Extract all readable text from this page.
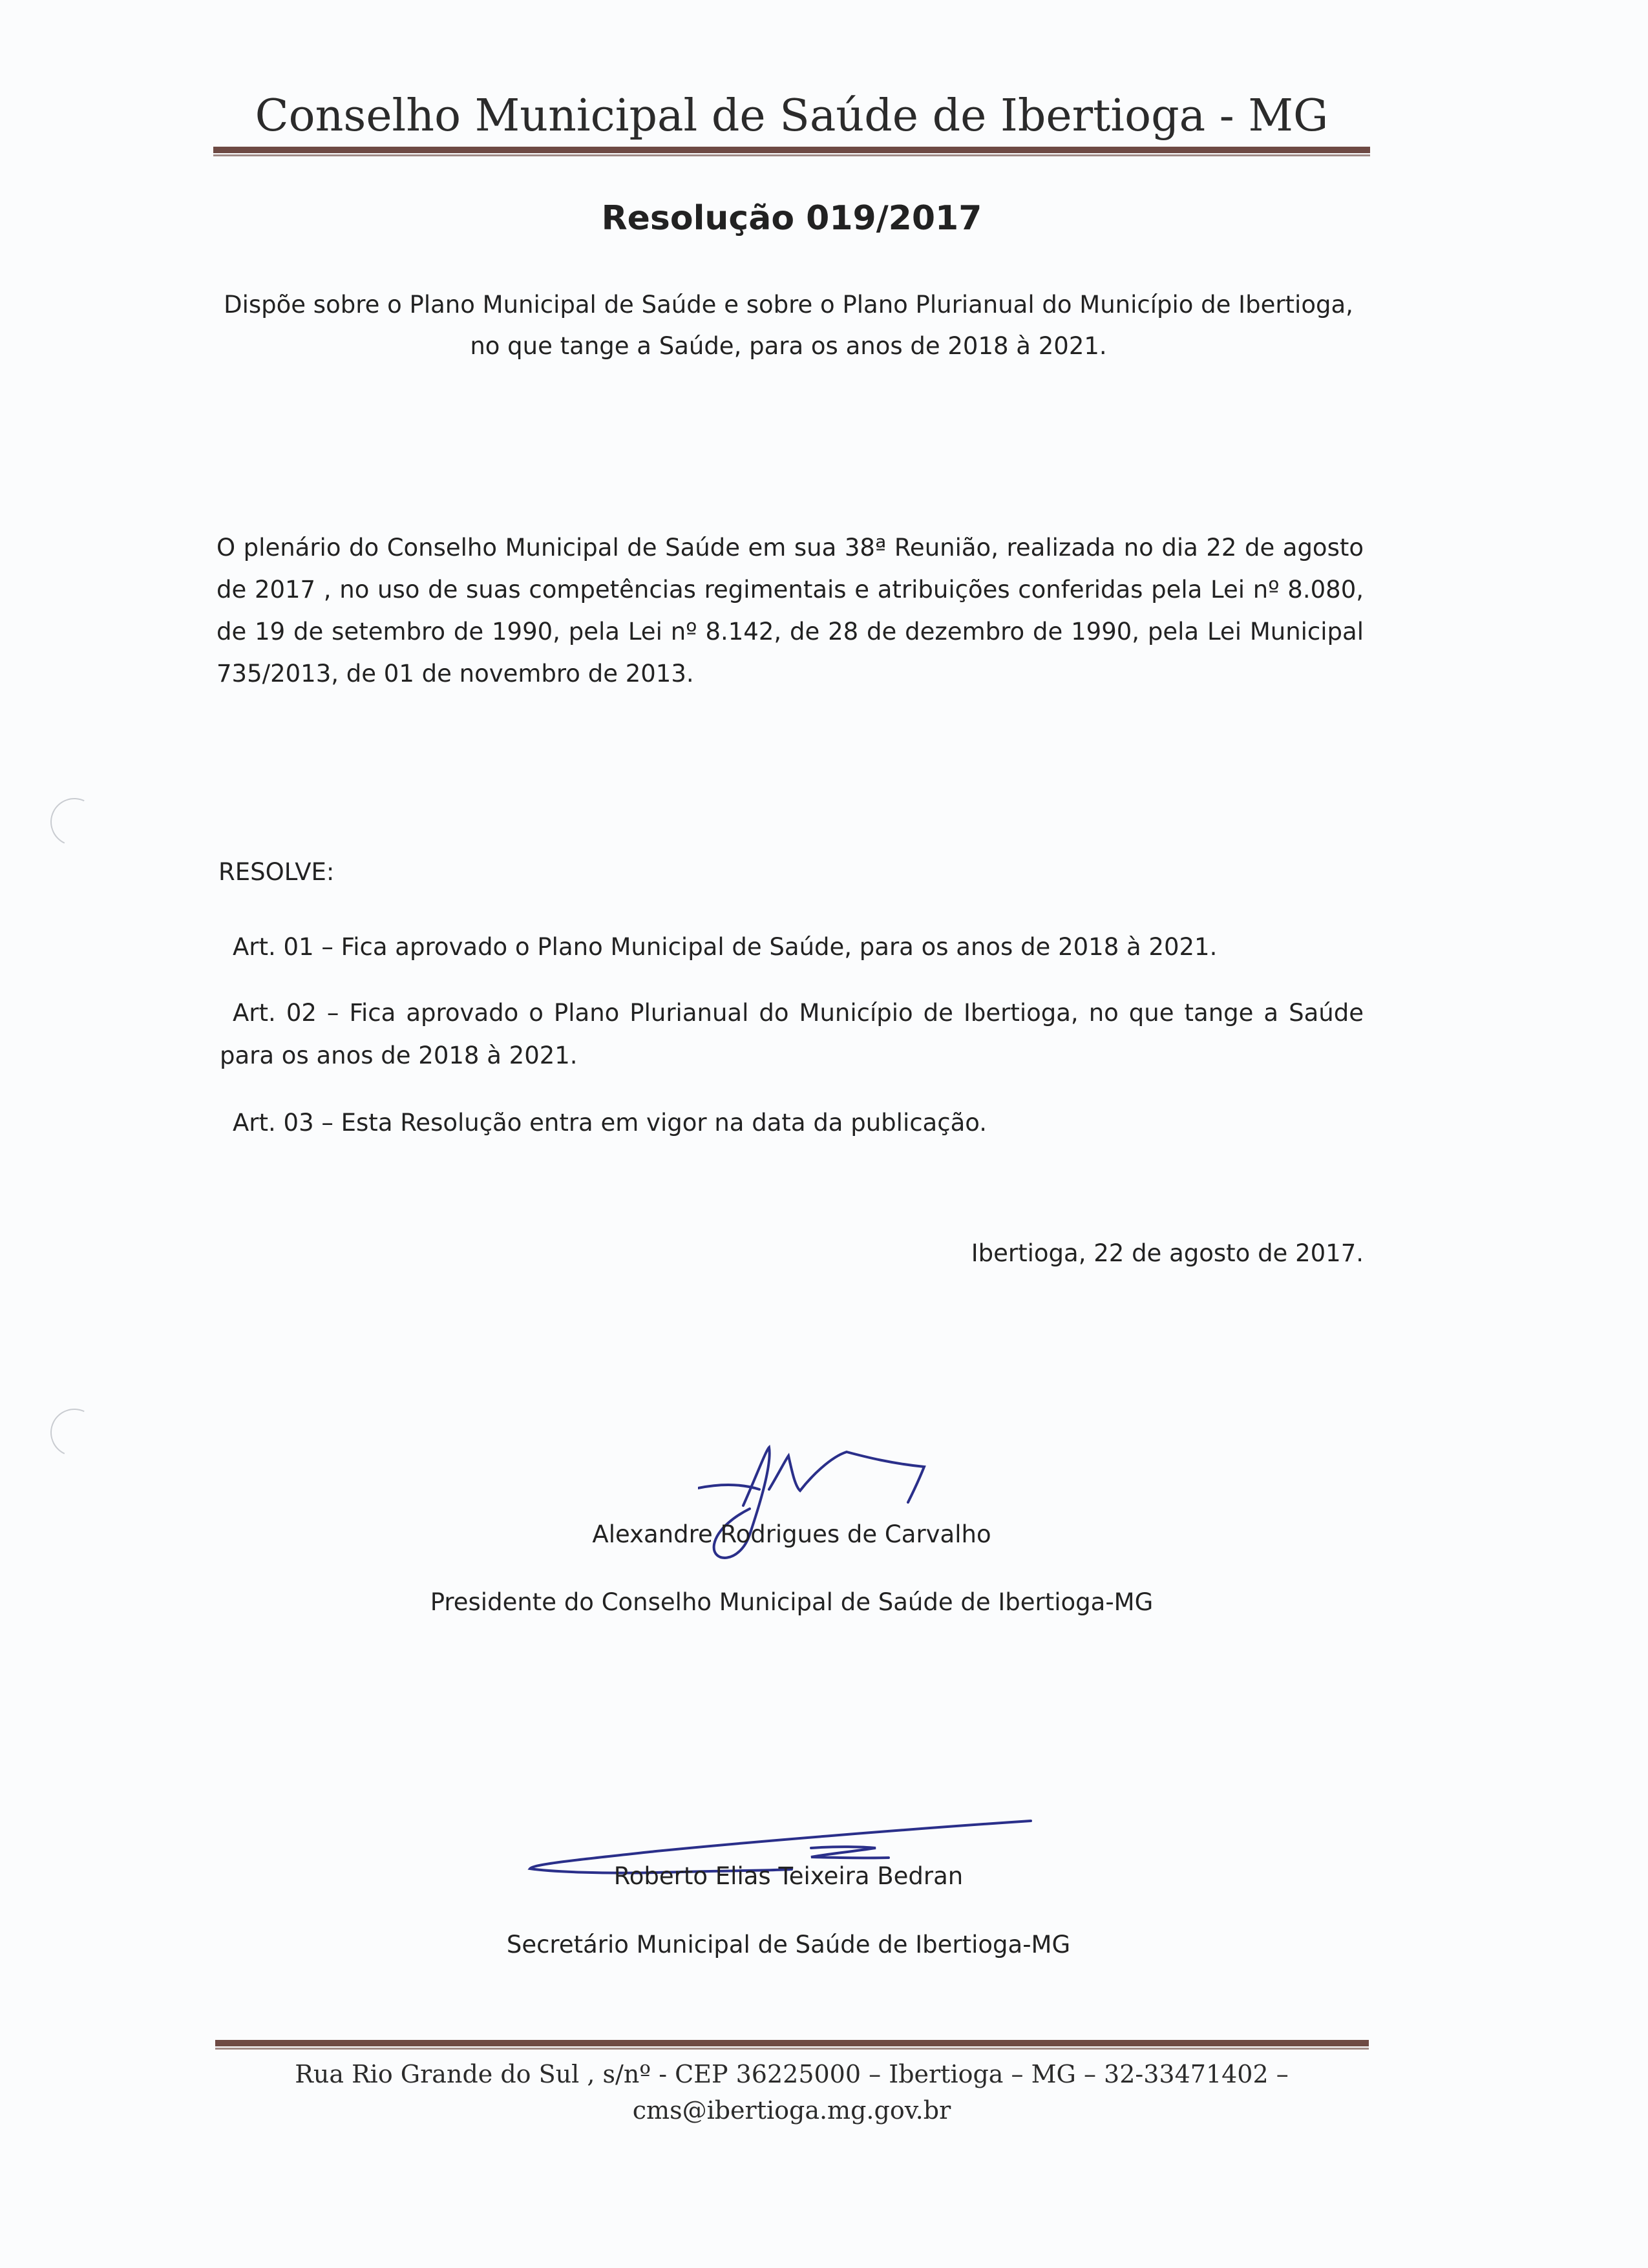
Conselho Municipal de Saúde de Ibertioga - MG
Resolução 019/2017
Dispõe sobre o Plano Municipal de Saúde e sobre o Plano Plurianual do Município de Ibertioga,
no que tange a Saúde, para os anos de 2018 à 2021.
O plenário do Conselho Municipal de Saúde em sua 38ª Reunião, realizada no dia 22 de agosto de 2017 , no uso de suas competências regimentais e atribuições conferidas pela Lei nº 8.080, de 19 de setembro de 1990, pela Lei nº 8.142, de 28 de dezembro de 1990, pela Lei Municipal 735/2013, de 01 de novembro de 2013.
RESOLVE:
Art. 01 – Fica aprovado o Plano Municipal de Saúde, para os anos de 2018 à 2021.
Art. 02 – Fica aprovado o Plano Plurianual do Município de Ibertioga, no que tange a Saúde para os anos de 2018 à 2021.
Art. 03 – Esta Resolução entra em vigor na data da publicação.
Ibertioga, 22 de agosto de 2017.
Alexandre Rodrigues de Carvalho
Presidente do Conselho Municipal de Saúde de Ibertioga-MG
Roberto Elias Teixeira Bedran
Secretário Municipal de Saúde de Ibertioga-MG
Rua Rio Grande do Sul , s/nº - CEP 36225000 – Ibertioga – MG – 32-33471402 –
cms@ibertioga.mg.gov.br
